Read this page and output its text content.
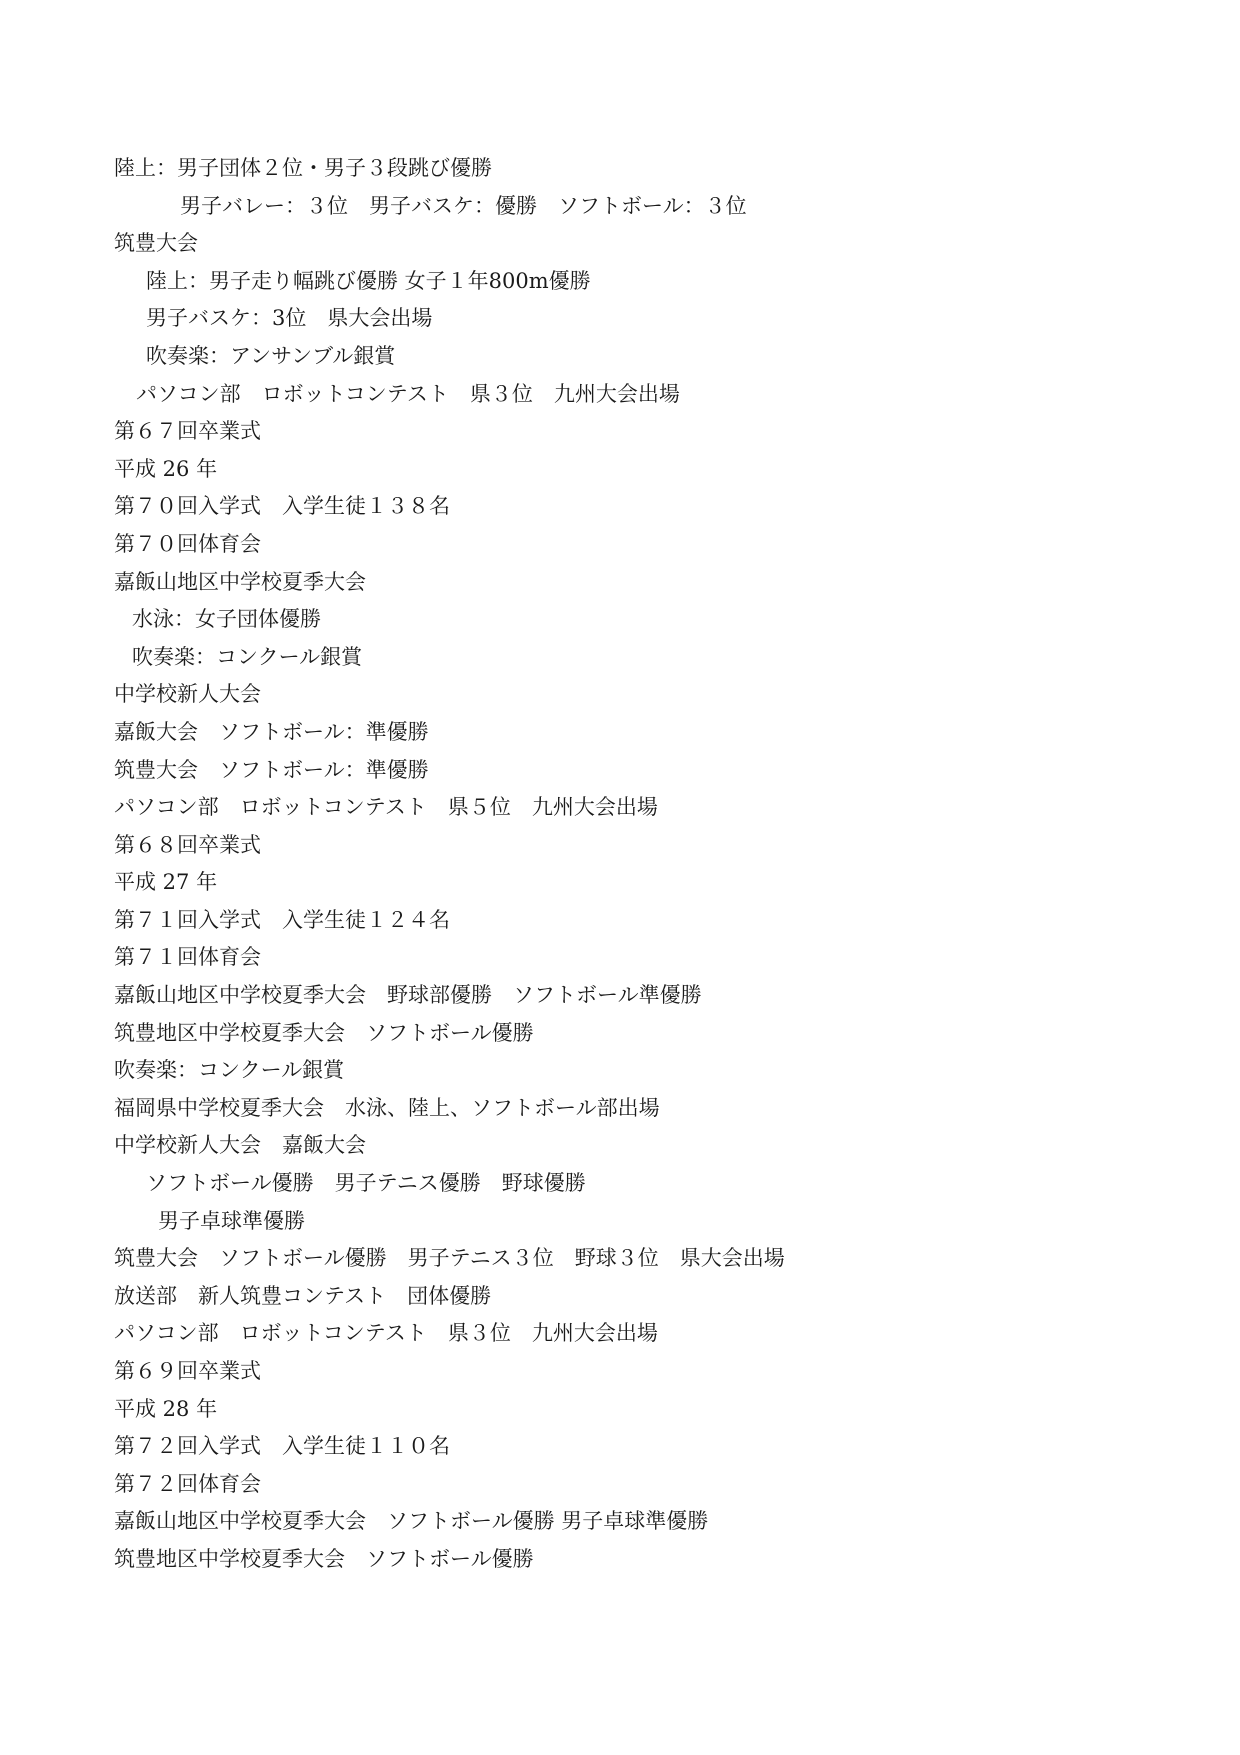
陸上：男子団体２位・男子３段跳び優勝
男子バレー：３位　男子バスケ：優勝　ソフトボール：３位
筑豊大会
陸上：男子走り幅跳び優勝 女子１年800m優勝
男子バスケ：3位　県大会出場
吹奏楽：アンサンブル銀賞
パソコン部　ロボットコンテスト　県３位　九州大会出場
第６７回卒業式
平成 26 年
第７０回入学式　入学生徒１３８名
第７０回体育会
嘉飯山地区中学校夏季大会
水泳：女子団体優勝
吹奏楽：コンクール銀賞
中学校新人大会
嘉飯大会　ソフトボール：準優勝
筑豊大会　ソフトボール：準優勝
パソコン部　ロボットコンテスト　県５位　九州大会出場
第６８回卒業式
平成 27 年
第７１回入学式　入学生徒１２４名
第７１回体育会
嘉飯山地区中学校夏季大会　野球部優勝　ソフトボール準優勝
筑豊地区中学校夏季大会　ソフトボール優勝
吹奏楽：コンクール銀賞
福岡県中学校夏季大会　水泳、陸上、ソフトボール部出場
中学校新人大会　嘉飯大会
ソフトボール優勝　男子テニス優勝　野球優勝
男子卓球準優勝
筑豊大会　ソフトボール優勝　男子テニス３位　野球３位　県大会出場
放送部　新人筑豊コンテスト　団体優勝
パソコン部　ロボットコンテスト　県３位　九州大会出場
第６９回卒業式
平成 28 年
第７２回入学式　入学生徒１１０名
第７２回体育会
嘉飯山地区中学校夏季大会　ソフトボール優勝 男子卓球準優勝
筑豊地区中学校夏季大会　ソフトボール優勝
